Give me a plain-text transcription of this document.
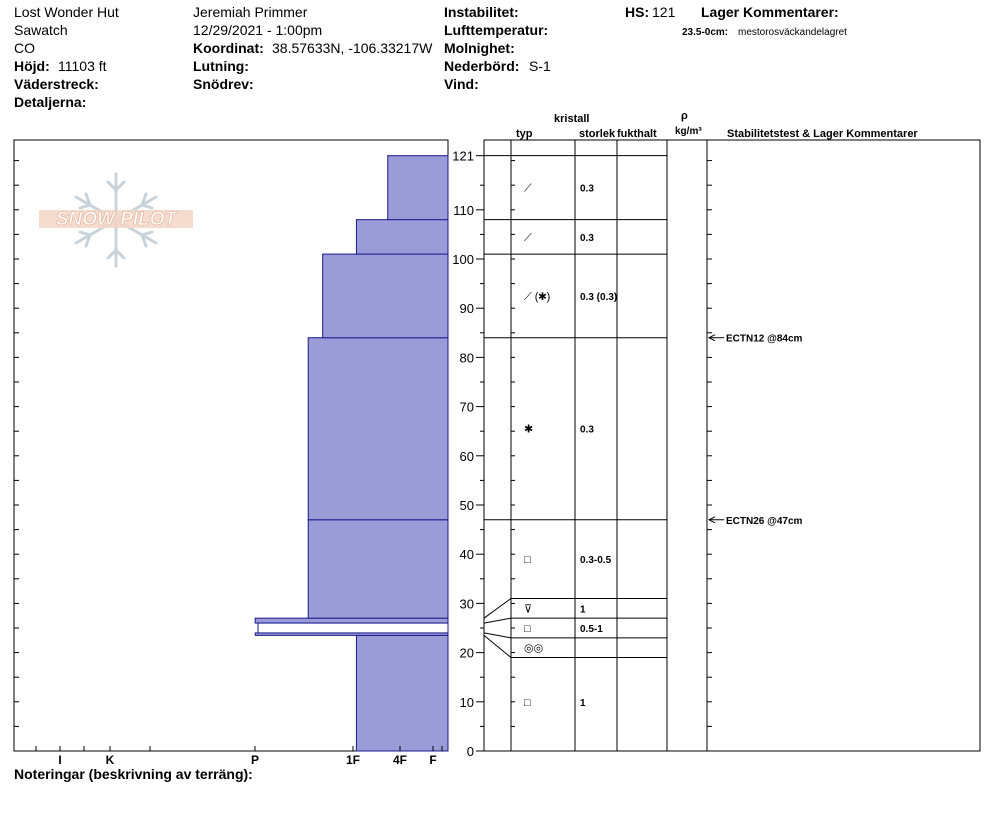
Lost Wonder Hut
Sawatch
CO
Höjd: 11103 ft
Väderstreck:
Detaljerna:
Jeremiah Primmer
12/29/2021 - 1:00pm
Koordinat: 38.57633N, -106.33217W
Lutning:
Snödrev:
Instabilitet:
Lufttemperatur:
Molnighet:
Nederbörd: S-1
Vind:
HS: 121 Lager Kommentarer:
23.5-0cm: mestorosväckandelagret
kristall
typ	storlek fukthalt
ρ
kg/m³ Stabilitetstest & Lager Kommentarer
Noteringar (beskrivning av terräng):
SNOW PILOT
I	K	P	1F	4F F
0
10
20
30
40
50
60
70
80
90
100
110
121
□	1
◎◎
□	0.5-1
⊽	1
□	0.3-0.5
✱	0.3
⟋ (✱)	0.3 (0.3)
⟋	0.3
⟋	0.3
ECTN12 @84cm
ECTN26 @47cm
